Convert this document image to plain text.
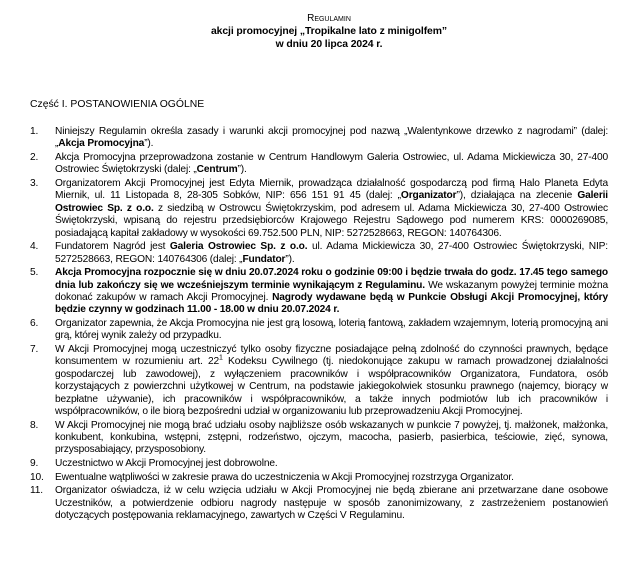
Regulamin
akcji promocyjnej „Tropikalne lato z minigolfem”
w dniu 20 lipca 2024 r.
Część I. POSTANOWIENIA OGÓLNE
1. Niniejszy Regulamin określa zasady i warunki akcji promocyjnej pod nazwą „Walentynkowe drzewko z nagrodami” (dalej: „Akcja Promocyjna”).
2. Akcja Promocyjna przeprowadzona zostanie w Centrum Handlowym Galeria Ostrowiec, ul. Adama Mickiewicza 30, 27-400 Ostrowiec Świętokrzyski (dalej: „Centrum”).
3. Organizatorem Akcji Promocyjnej jest Edyta Miernik, prowadząca działalność gospodarczą pod firmą Halo Planeta Edyta Miernik, ul. 11 Listopada 8, 28-305 Sobków, NIP: 656 151 91 45 (dalej: „Organizator”), działająca na zlecenie Galerii Ostrowiec Sp. z o.o. z siedzibą w Ostrowcu Świętokrzyskim, pod adresem ul. Adama Mickiewicza 30, 27-400 Ostrowiec Świętokrzyski, wpisaną do rejestru przedsiębiorców Krajowego Rejestru Sądowego pod numerem KRS: 0000269085, posiadającą kapitał zakładowy w wysokości 69.752.500 PLN, NIP: 5272528663, REGON: 140764306.
4. Fundatorem Nagród jest Galeria Ostrowiec Sp. z o.o. ul. Adama Mickiewicza 30, 27-400 Ostrowiec Świętokrzyski, NIP: 5272528663, REGON: 140764306 (dalej: „Fundator”).
5. Akcja Promocyjna rozpocznie się w dniu 20.07.2024 roku o godzinie 09:00 i będzie trwała do godz. 17.45 tego samego dnia lub zakończy się we wcześniejszym terminie wynikającym z Regulaminu. We wskazanym powyżej terminie można dokonać zakupów w ramach Akcji Promocyjnej. Nagrody wydawane będą w Punkcie Obsługi Akcji Promocyjnej, który będzie czynny w godzinach 11.00 - 18.00 w dniu 20.07.2024 r.
6. Organizator zapewnia, że Akcja Promocyjna nie jest grą losową, loterią fantową, zakładem wzajemnym, loterią promocyjną ani grą, której wynik zależy od przypadku.
7. W Akcji Promocyjnej mogą uczestniczyć tylko osoby fizyczne posiadające pełną zdolność do czynności prawnych, będące konsumentem w rozumieniu art. $22^1$ Kodeksu Cywilnego (tj. niedokonujące zakupu w ramach prowadzonej działalności gospodarczej lub zawodowej), z wyłączeniem pracowników i współpracowników Organizatora, Fundatora, osób korzystających z powierzchni użytkowej w Centrum, na podstawie jakiegokolwiek stosunku prawnego (najemcy, biorący w bezpłatne używanie), ich pracowników i współpracowników, a także innych podmiotów lub ich pracowników i współpracowników, o ile biorą bezpośredni udział w organizowaniu lub przeprowadzeniu Akcji Promocyjnej.
8. W Akcji Promocyjnej nie mogą brać udziału osoby najbliższe osób wskazanych w punkcie 7 powyżej, tj. małżonek, małżonka, konkubent, konkubina, wstępni, zstępni, rodzeństwo, ojczym, macocha, pasierb, pasierbica, teściowie, zięć, synowa, przysposabiający, przysposobiony.
9. Uczestnictwo w Akcji Promocyjnej jest dobrowolne.
10. Ewentualne wątpliwości w zakresie prawa do uczestniczenia w Akcji Promocyjnej rozstrzyga Organizator.
11. Organizator oświadcza, iż w celu wzięcia udziału w Akcji Promocyjnej nie będą zbierane ani przetwarzane dane osobowe Uczestników, a potwierdzenie odbioru nagrody następuje w sposób zanonimizowany, z zastrzeżeniem postanowień dotyczących postępowania reklamacyjnego, zawartych w Części V Regulaminu.
